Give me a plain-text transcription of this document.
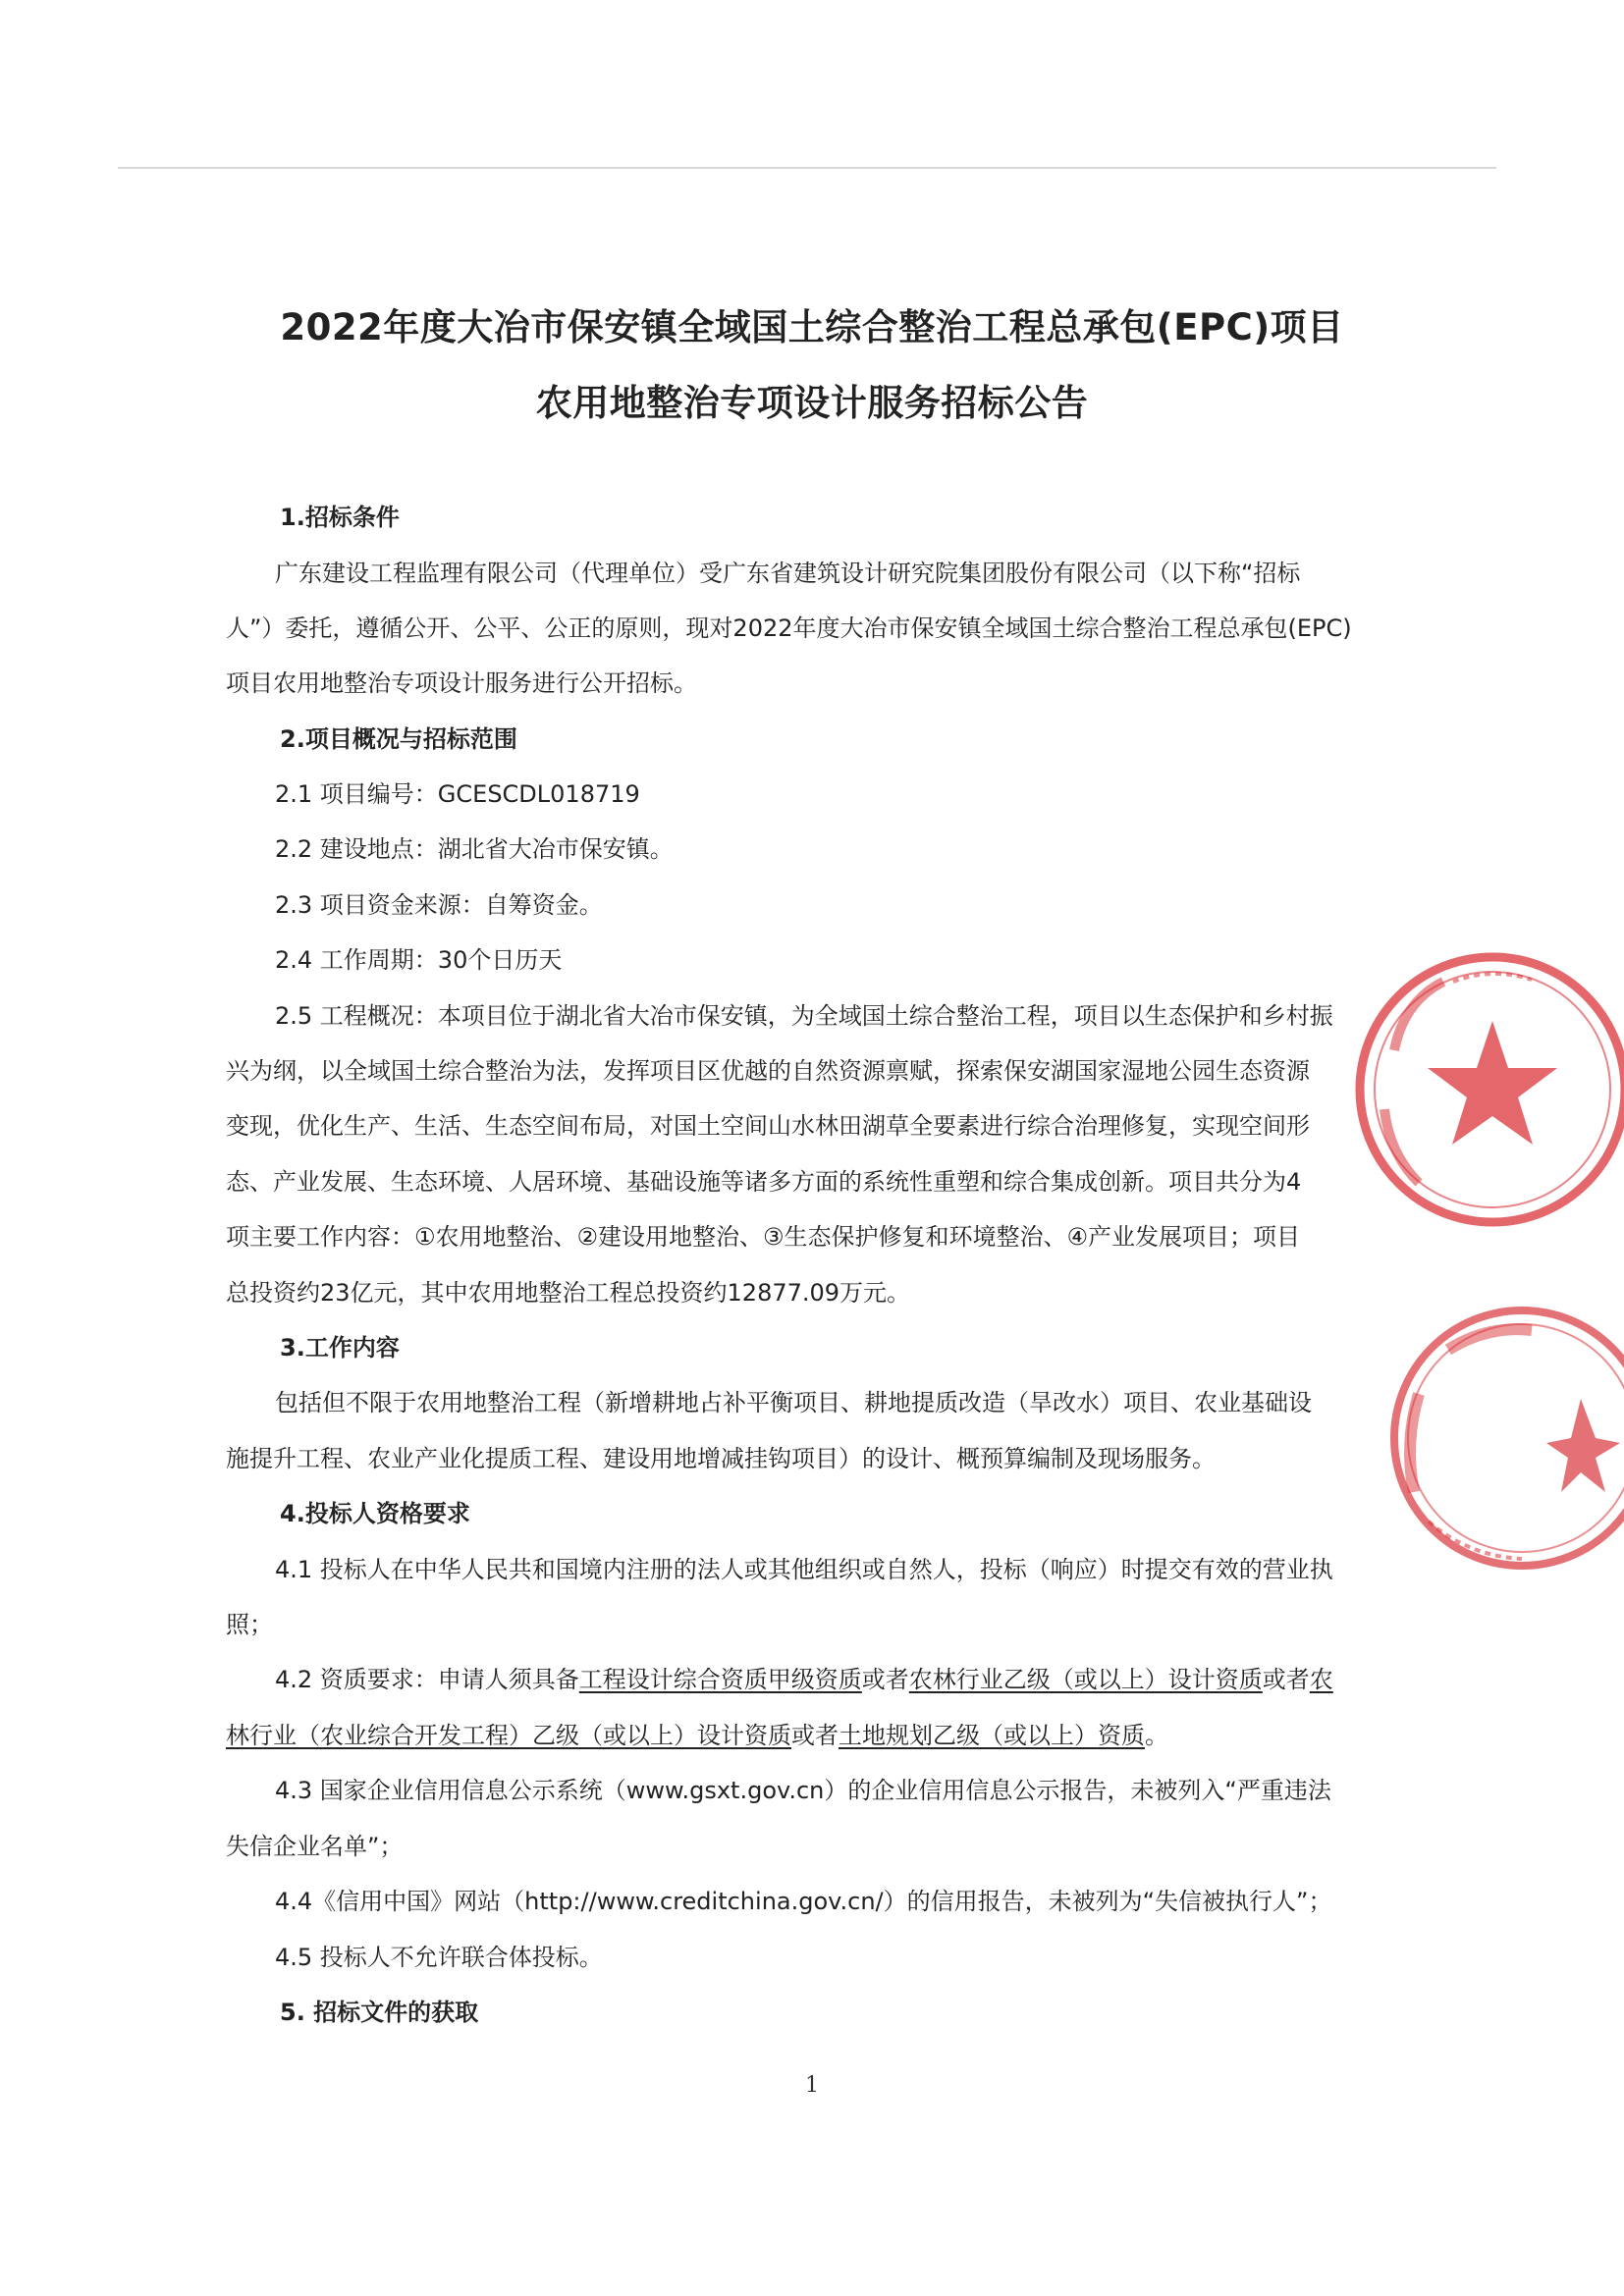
2022年度大冶市保安镇全域国土综合整治工程总承包(EPC)项目
农用地整治专项设计服务招标公告
1.招标条件
广东建设工程监理有限公司（代理单位）受广东省建筑设计研究院集团股份有限公司（以下称“招标
人”）委托，遵循公开、公平、公正的原则，现对2022年度大冶市保安镇全域国土综合整治工程总承包(EPC)
项目农用地整治专项设计服务进行公开招标。
2.项目概况与招标范围
2.1 项目编号：GCESCDL018719
2.2 建设地点：湖北省大冶市保安镇。
2.3 项目资金来源：自筹资金。
2.4 工作周期：30个日历天
2.5 工程概况：本项目位于湖北省大冶市保安镇，为全域国土综合整治工程，项目以生态保护和乡村振
兴为纲，以全域国土综合整治为法，发挥项目区优越的自然资源禀赋，探索保安湖国家湿地公园生态资源
变现，优化生产、生活、生态空间布局，对国土空间山水林田湖草全要素进行综合治理修复，实现空间形
态、产业发展、生态环境、人居环境、基础设施等诸多方面的系统性重塑和综合集成创新。项目共分为4
项主要工作内容：①农用地整治、②建设用地整治、③生态保护修复和环境整治、④产业发展项目；项目
总投资约23亿元，其中农用地整治工程总投资约12877.09万元。
3.工作内容
包括但不限于农用地整治工程（新增耕地占补平衡项目、耕地提质改造（旱改水）项目、农业基础设
施提升工程、农业产业化提质工程、建设用地增减挂钩项目）的设计、概预算编制及现场服务。
4.投标人资格要求
4.1 投标人在中华人民共和国境内注册的法人或其他组织或自然人，投标（响应）时提交有效的营业执
照；
4.2 资质要求：申请人须具备工程设计综合资质甲级资质或者农林行业乙级（或以上）设计资质或者农
林行业（农业综合开发工程）乙级（或以上）设计资质或者土地规划乙级（或以上）资质。
4.3 国家企业信用信息公示系统（www.gsxt.gov.cn）的企业信用信息公示报告，未被列入“严重违法
失信企业名单”；
4.4《信用中国》网站（http://www.creditchina.gov.cn/）的信用报告，未被列为“失信被执行人”；
4.5 投标人不允许联合体投标。
5. 招标文件的获取
1
